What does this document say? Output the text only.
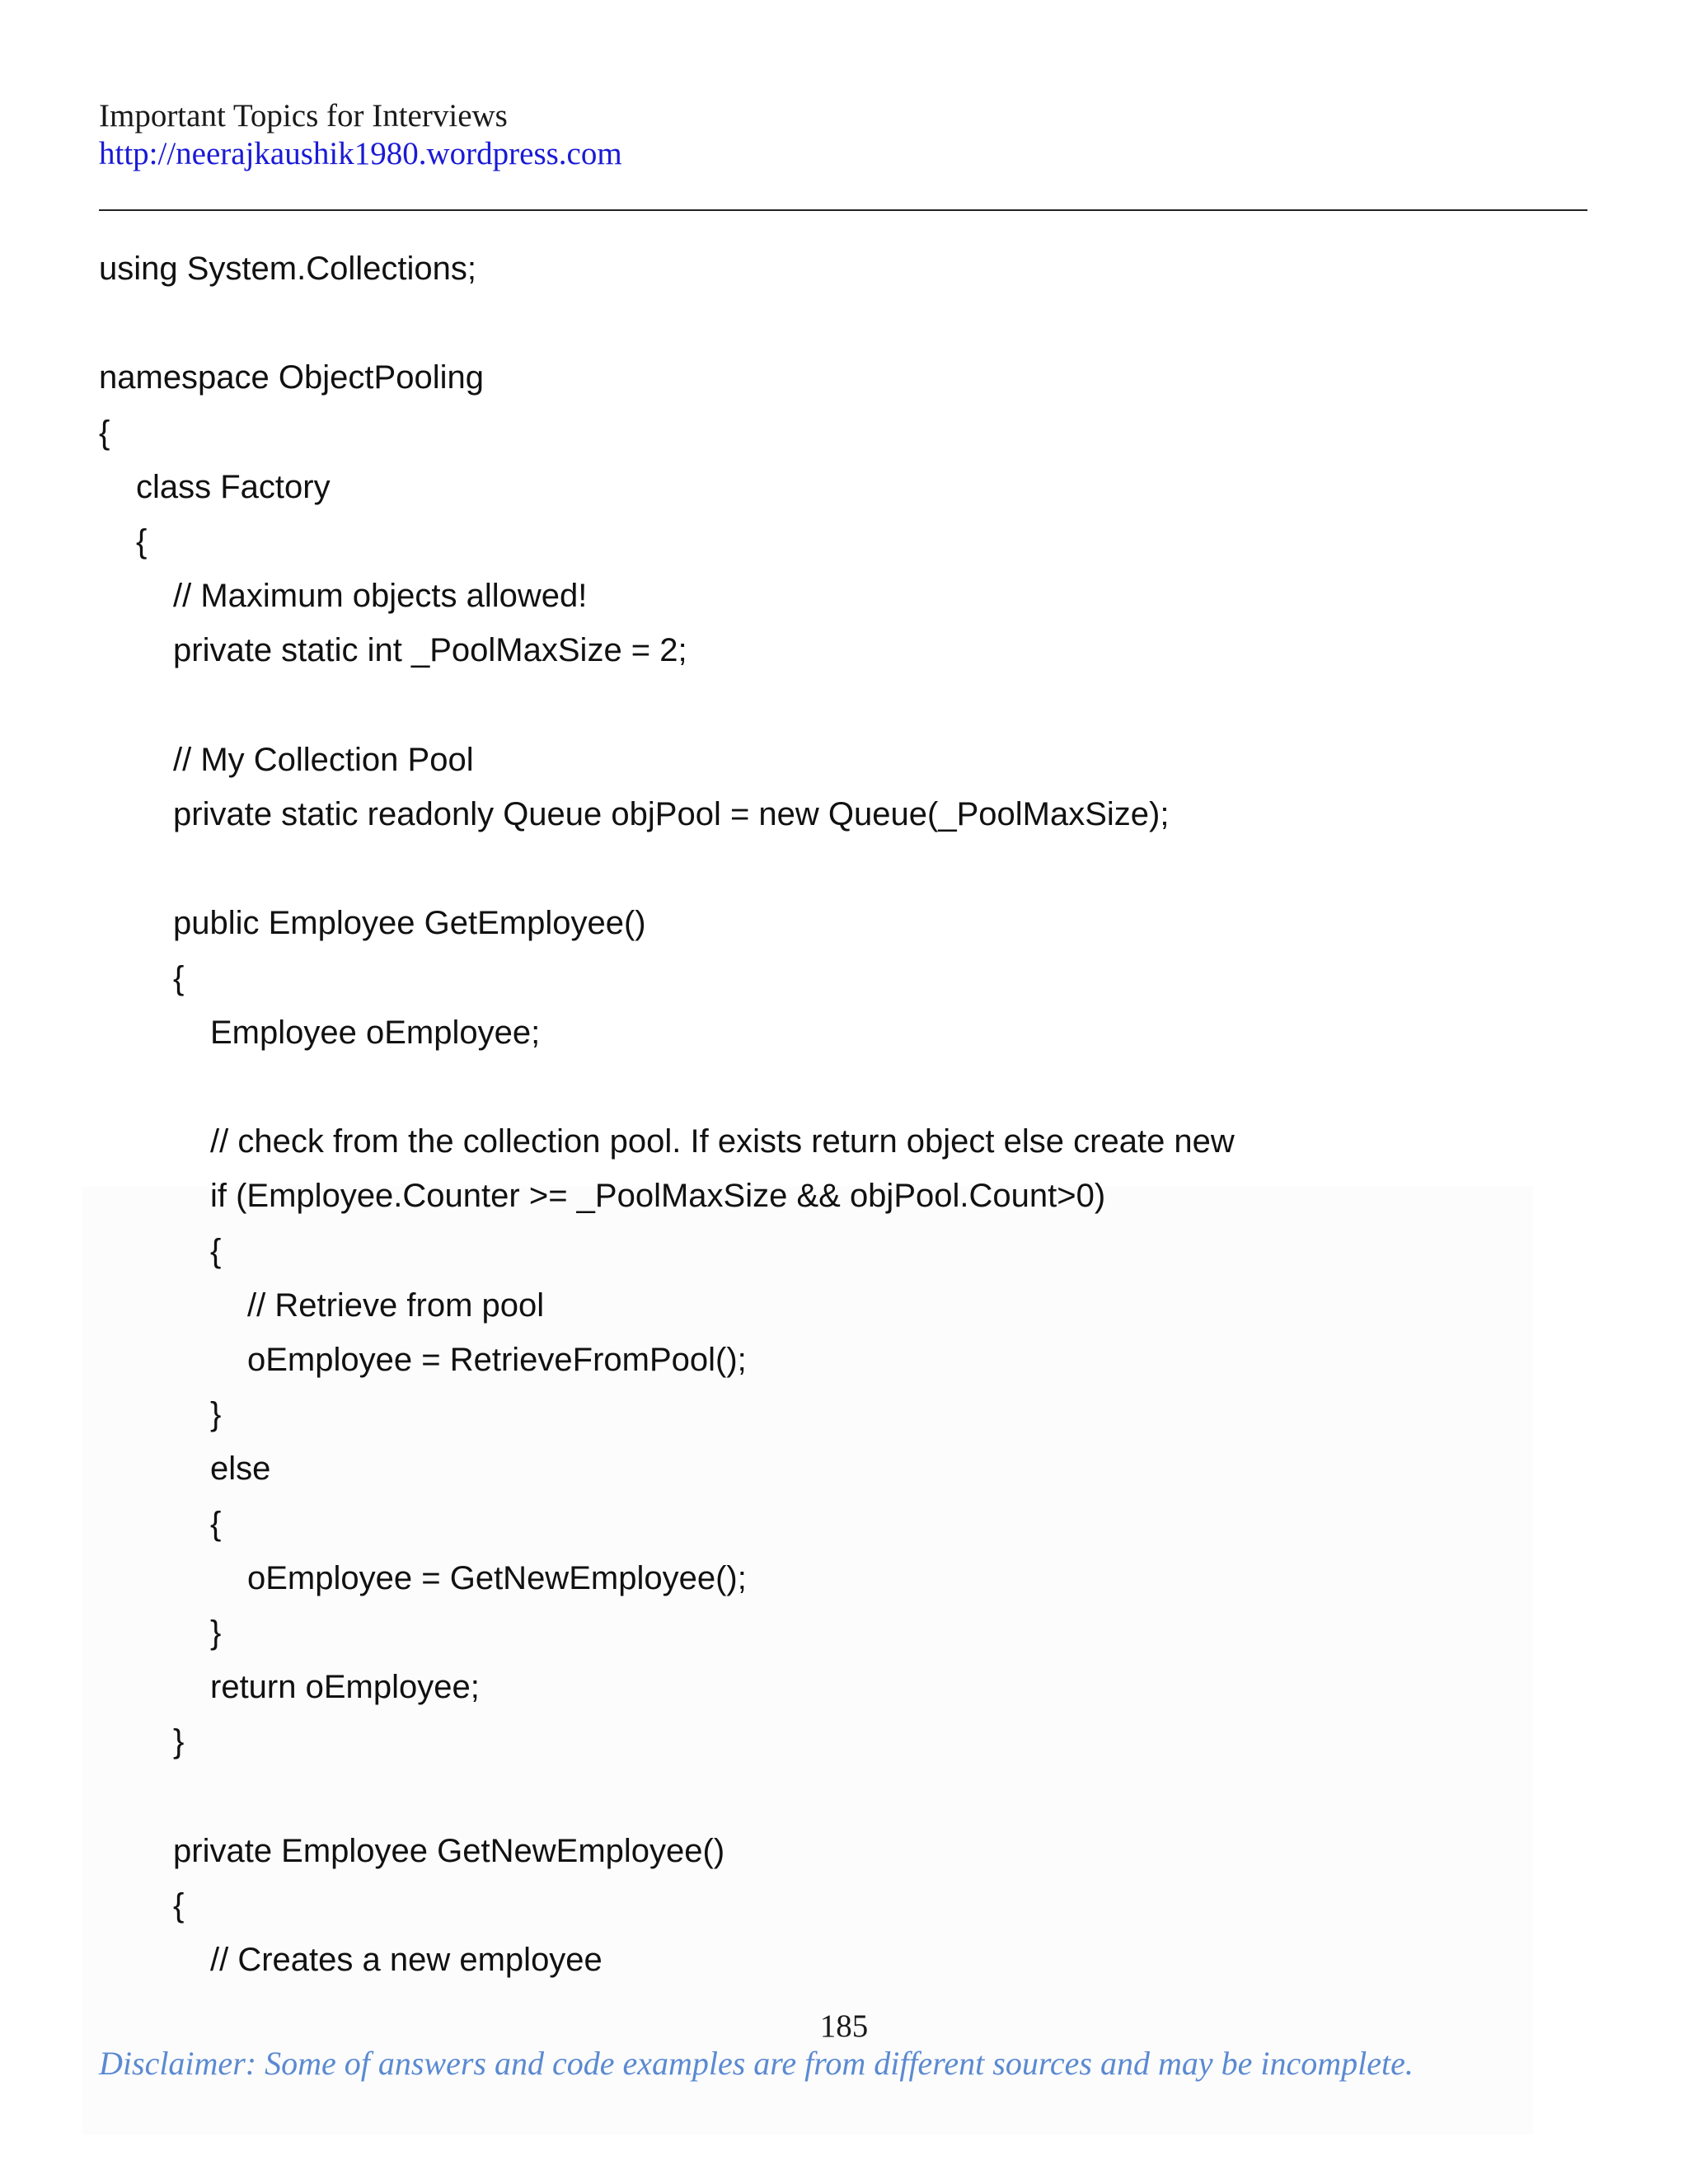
Important Topics for Interviews
http://neerajkaushik1980.wordpress.com
using System.Collections;
namespace ObjectPooling
{
class Factory
{
// Maximum objects allowed!
private static int _PoolMaxSize = 2;
// My Collection Pool
private static readonly Queue objPool = new Queue(_PoolMaxSize);
public Employee GetEmployee()
{
Employee oEmployee;
// check from the collection pool. If exists return object else create new
if (Employee.Counter >= _PoolMaxSize && objPool.Count>0)
{
// Retrieve from pool
oEmployee = RetrieveFromPool();
}
else
{
oEmployee = GetNewEmployee();
}
return oEmployee;
}
private Employee GetNewEmployee()
{
// Creates a new employee
185
Disclaimer: Some of answers and code examples are from different sources and may be incomplete.
